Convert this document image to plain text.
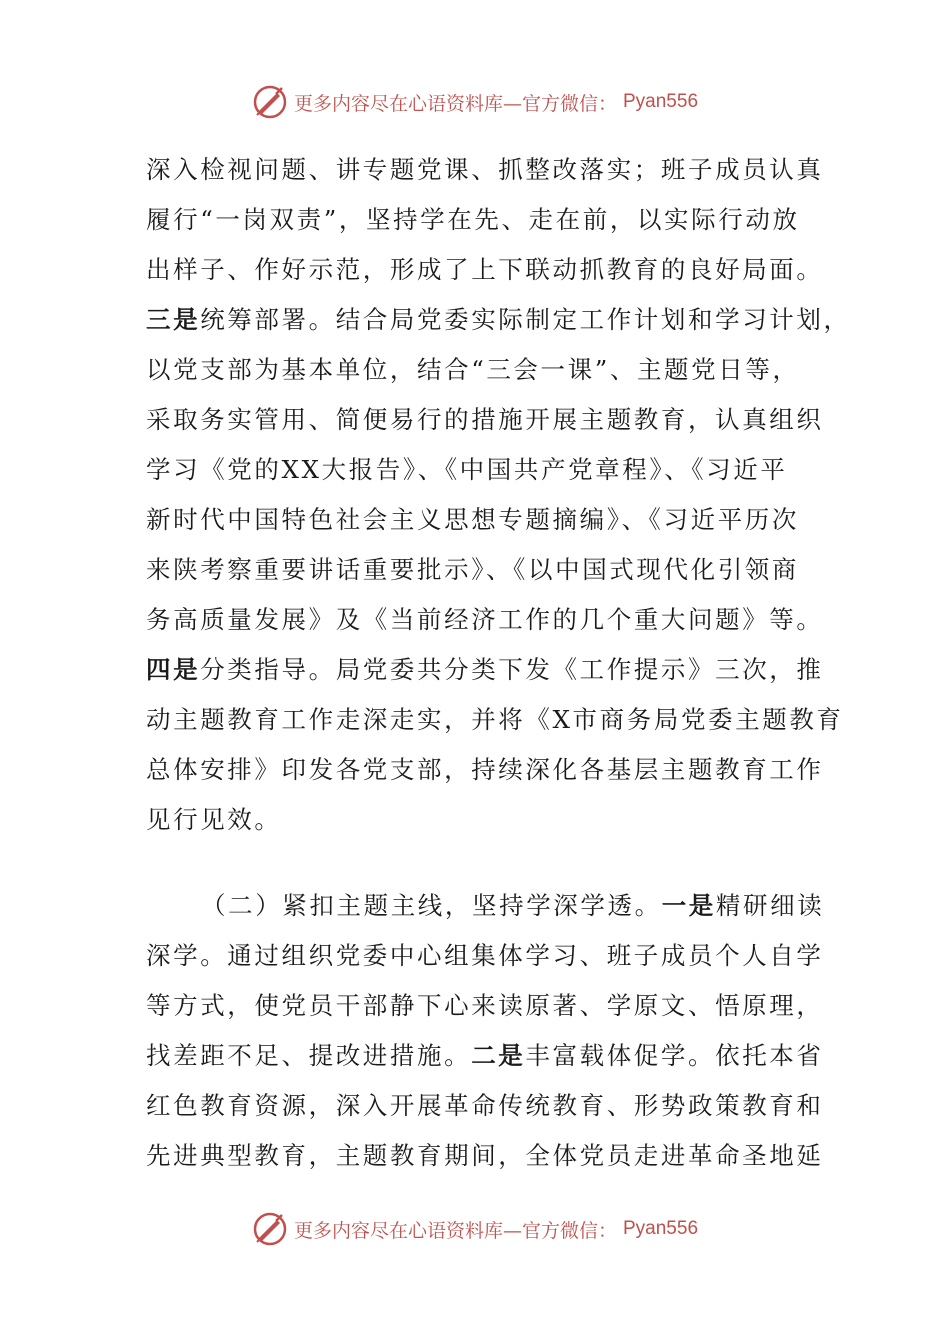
更多内容尽在心语资料库—官方微信： Pyan556
深入检视问题、讲专题党课、抓整改落实；班子成员认真
履行“一岗双责”，坚持学在先、走在前，以实际行动放
出样子、作好示范，形成了上下联动抓教育的良好局面。
三是统筹部署。结合局党委实际制定工作计划和学习计划，
以党支部为基本单位，结合“三会一课”、主题党日等，
采取务实管用、简便易行的措施开展主题教育，认真组织
学习《党的XX大报告》、《中国共产党章程》、《习近平
新时代中国特色社会主义思想专题摘编》、《习近平历次
来陕考察重要讲话重要批示》、《以中国式现代化引领商
务高质量发展》及《当前经济工作的几个重大问题》等。
四是分类指导。局党委共分类下发《工作提示》三次，推
动主题教育工作走深走实，并将《X市商务局党委主题教育
总体安排》印发各党支部，持续深化各基层主题教育工作
见行见效。
（二）紧扣主题主线，坚持学深学透。一是精研细读
深学。通过组织党委中心组集体学习、班子成员个人自学
等方式，使党员干部静下心来读原著、学原文、悟原理，
找差距不足、提改进措施。二是丰富载体促学。依托本省
红色教育资源，深入开展革命传统教育、形势政策教育和
先进典型教育，主题教育期间，全体党员走进革命圣地延
更多内容尽在心语资料库—官方微信： Pyan556
